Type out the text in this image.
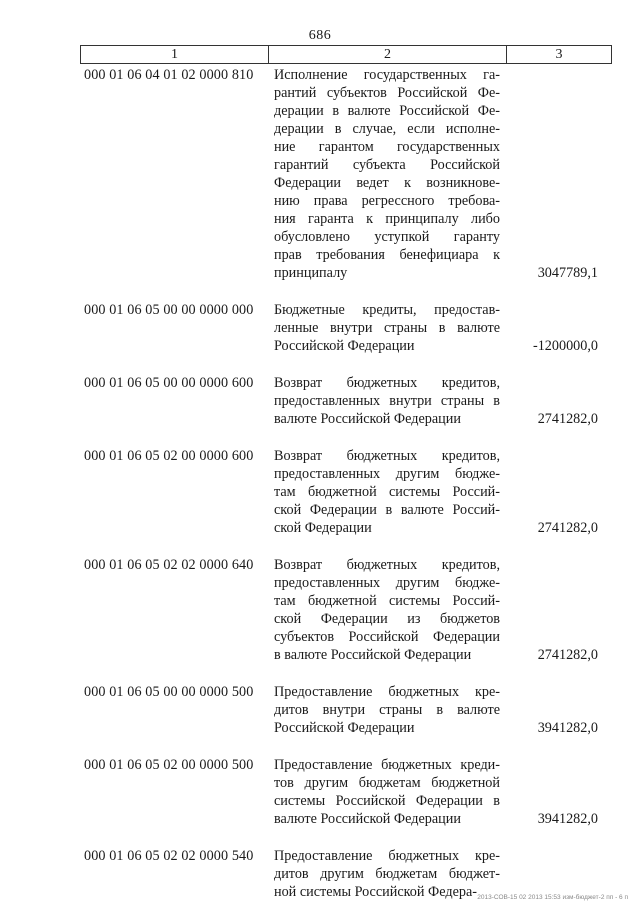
686
1	2	3
000 01 06 04 01 02 0000 810 Исполнение государственных га-
рантий субъектов Российской Фе-
дерации в валюте Российской Фе-
дерации в случае, если исполне-
ние гарантом государственных
гарантий субъекта Российской
Федерации ведет к возникнове-
нию права регрессного требова-
ния гаранта к принципалу либо
обусловлено уступкой гаранту
прав требования бенефициара к
принципалу	3047789,1
000 01 06 05 00 00 0000 000 Бюджетные кредиты, предостав-
ленные внутри страны в валюте
Российской Федерации	-1200000,0
000 01 06 05 00 00 0000 600 Возврат бюджетных кредитов,
предоставленных внутри страны в
валюте Российской Федерации	2741282,0
000 01 06 05 02 00 0000 600 Возврат бюджетных кредитов,
предоставленных другим бюдже-
там бюджетной системы Россий-
ской Федерации в валюте Россий-
ской Федерации	2741282,0
000 01 06 05 02 02 0000 640 Возврат бюджетных кредитов,
предоставленных другим бюдже-
там бюджетной системы Россий-
ской Федерации из бюджетов
субъектов Российской Федерации
в валюте Российской Федерации	2741282,0
000 01 06 05 00 00 0000 500 Предоставление бюджетных кре-
дитов внутри страны в валюте
Российской Федерации	3941282,0
000 01 06 05 02 00 0000 500 Предоставление бюджетных креди-
тов другим бюджетам бюджетной
системы Российской Федерации в
валюте Российской Федерации	3941282,0
000 01 06 05 02 02 0000 540 Предоставление бюджетных кре-
дитов другим бюджетам бюджет-
ной системы Российской Федера- 2013-СОВ-15 02 2013 15:53 изм-бюджет-2 пп - 6 п
